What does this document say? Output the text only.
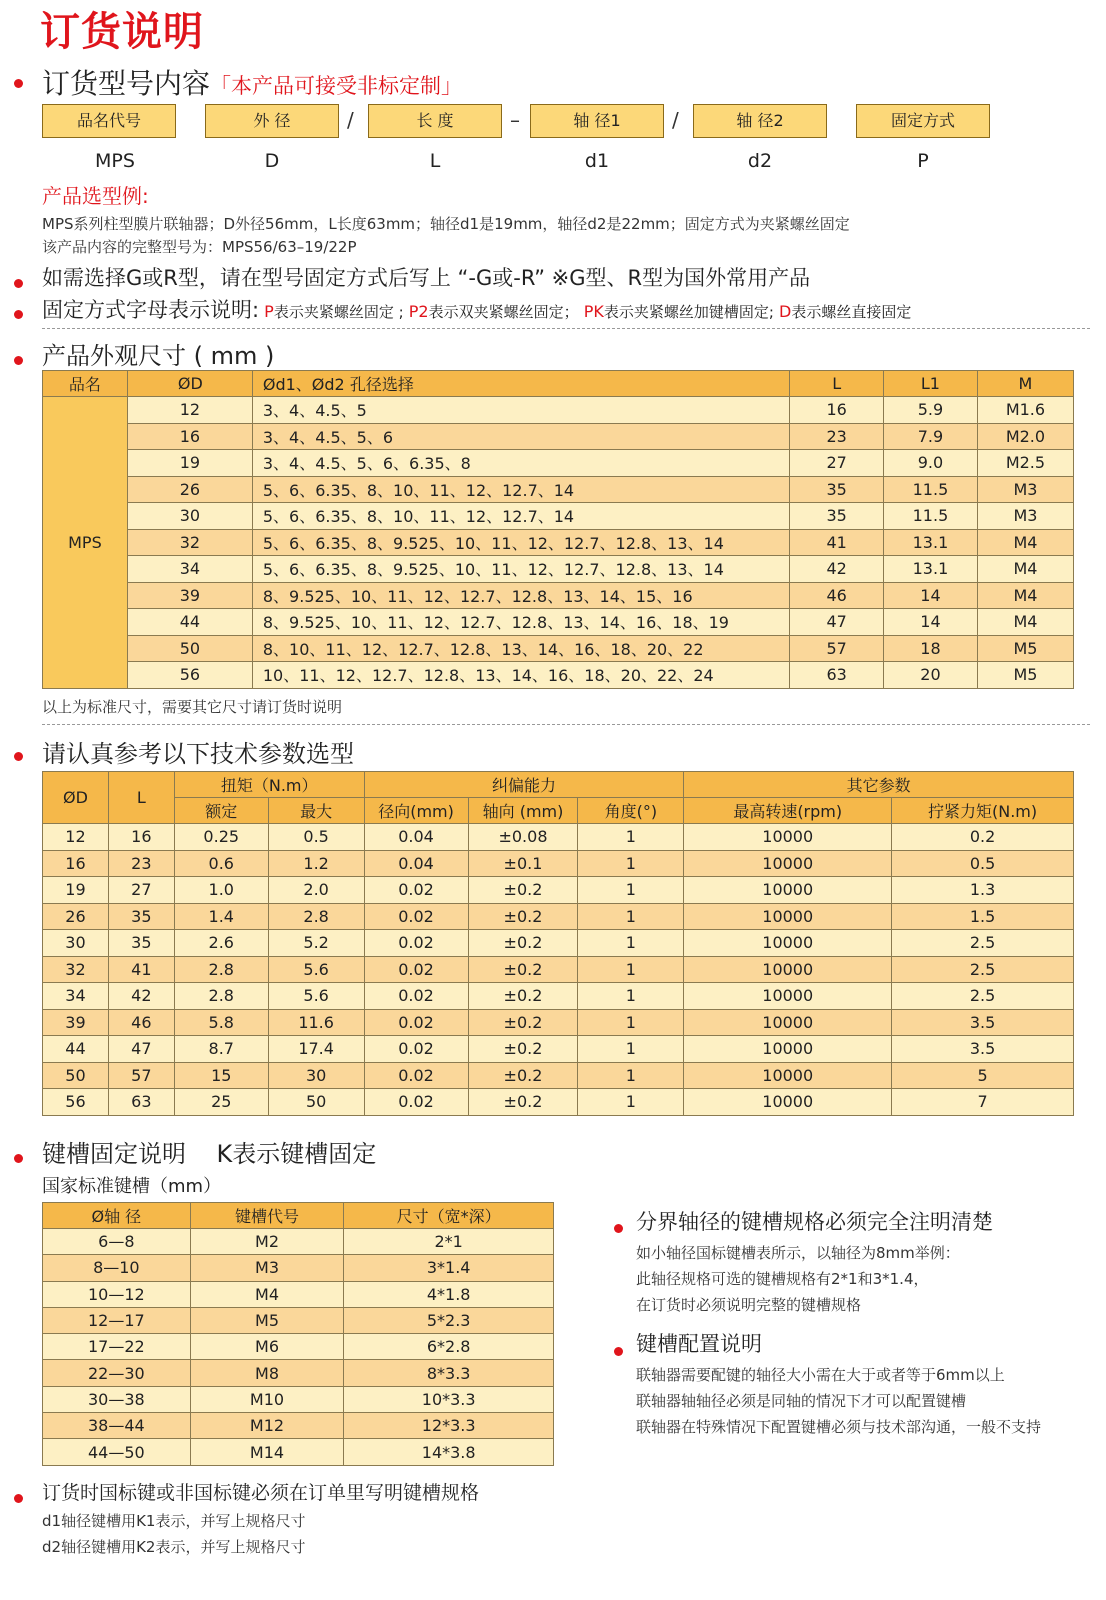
订货说明
订货型号内容「本产品可接受非标定制」
品名代号	外 径	/	长 度	–	轴 径1	/	轴 径2	固定方式
MPS	D	L	d1	d2	P
产品选型例:
MPS系列柱型膜片联轴器；D外径56mm，L长度63mm；轴径d1是19mm，轴径d2是22mm；固定方式为夹紧螺丝固定
该产品内容的完整型号为：MPS56/63–19/22P
如需选择G或R型，请在型号固定方式后写上 “-G或-R” ※G型、R型为国外常用产品
固定方式字母表示说明: P表示夹紧螺丝固定 ; P2表示双夹紧螺丝固定； PK表示夹紧螺丝加键槽固定; D表示螺丝直接固定
产品外观尺寸 ( mm )
品名	ØD	Ød1、Ød2 孔径选择	L	L1	M
MPS	12	3、4、4.5、5	16	5.9	M1.6
	16	3、4、4.5、5、6	23	7.9	M2.0
	19	3、4、4.5、5、6、6.35、8	27	9.0	M2.5
	26	5、6、6.35、8、10、11、12、12.7、14	35	11.5	M3
	30	5、6、6.35、8、10、11、12、12.7、14	35	11.5	M3
	32	5、6、6.35、8、9.525、10、11、12、12.7、12.8、13、14	41	13.1	M4
	34	5、6、6.35、8、9.525、10、11、12、12.7、12.8、13、14	42	13.1	M4
	39	8、9.525、10、11、12、12.7、12.8、13、14、15、16	46	14	M4
	44	8、9.525、10、11、12、12.7、12.8、13、14、16、18、19	47	14	M4
	50	8、10、11、12、12.7、12.8、13、14、16、18、20、22	57	18	M5
	56	10、11、12、12.7、12.8、13、14、16、18、20、22、24	63	20	M5
以上为标准尺寸，需要其它尺寸请订货时说明
请认真参考以下技术参数选型
ØD	L	扭矩（N.m）		纠偏能力			其它参数	
		额定	最大	径向(mm)	轴向 (mm)	角度(°)	最高转速(rpm)	拧紧力矩(N.m)
12	16	0.25	0.5	0.04	±0.08	1	10000	0.2
16	23	0.6	1.2	0.04	±0.1	1	10000	0.5
19	27	1.0	2.0	0.02	±0.2	1	10000	1.3
26	35	1.4	2.8	0.02	±0.2	1	10000	1.5
30	35	2.6	5.2	0.02	±0.2	1	10000	2.5
32	41	2.8	5.6	0.02	±0.2	1	10000	2.5
34	42	2.8	5.6	0.02	±0.2	1	10000	2.5
39	46	5.8	11.6	0.02	±0.2	1	10000	3.5
44	47	8.7	17.4	0.02	±0.2	1	10000	3.5
50	57	15	30	0.02	±0.2	1	10000	5
56	63	25	50	0.02	±0.2	1	10000	7
键槽固定说明    K表示键槽固定
国家标准键槽（mm）
Ø轴 径	键槽代号	尺寸（宽*深）
6—8	M2	2*1
8—10	M3	3*1.4
10—12	M4	4*1.8
12—17	M5	5*2.3
17—22	M6	6*2.8
22—30	M8	8*3.3
30—38	M10	10*3.3
38—44	M12	12*3.3
44—50	M14	14*3.8
分界轴径的键槽规格必须完全注明清楚
如小轴径国标键槽表所示，以轴径为8mm举例：
此轴径规格可选的键槽规格有2*1和3*1.4，
在订货时必须说明完整的键槽规格
键槽配置说明
联轴器需要配键的轴径大小需在大于或者等于6mm以上
联轴器轴轴径必须是同轴的情况下才可以配置键槽
联轴器在特殊情况下配置键槽必须与技术部沟通，一般不支持
订货时国标键或非国标键必须在订单里写明键槽规格
d1轴径键槽用K1表示，并写上规格尺寸
d2轴径键槽用K2表示，并写上规格尺寸
